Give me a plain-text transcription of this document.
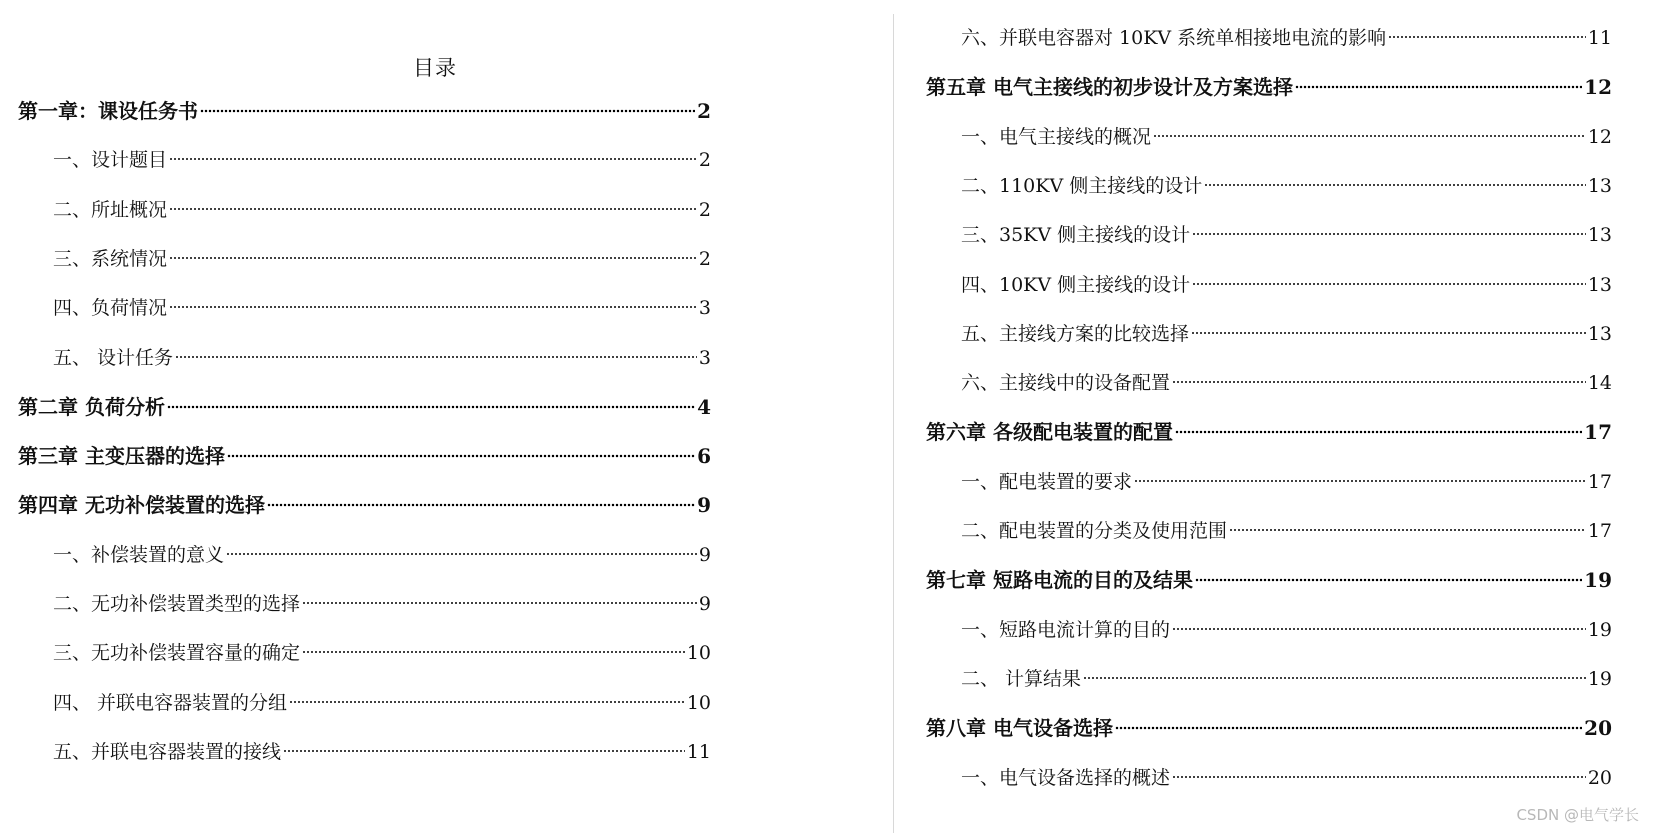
目录
第一章：课设任务书	2
一、设计题目	2
二、所址概况	2
三、系统情况	2
四、负荷情况	3
五、 设计任务	3
第二章 负荷分析	4
第三章 主变压器的选择	6
第四章 无功补偿装置的选择	9
一、补偿装置的意义	9
二、无功补偿装置类型的选择	9
三、无功补偿装置容量的确定	10
四、 并联电容器装置的分组	10
五、并联电容器装置的接线	11
六、并联电容器对 10KV 系统单相接地电流的影响	11
第五章 电气主接线的初步设计及方案选择	12
一、电气主接线的概况	12
二、110KV 侧主接线的设计	13
三、35KV 侧主接线的设计	13
四、10KV 侧主接线的设计	13
五、主接线方案的比较选择	13
六、主接线中的设备配置	14
第六章 各级配电装置的配置	17
一、配电装置的要求	17
二、配电装置的分类及使用范围	17
第七章 短路电流的目的及结果	19
一、短路电流计算的目的	19
二、 计算结果	19
第八章 电气设备选择	20
一、电气设备选择的概述	20
CSDN @电气学长
